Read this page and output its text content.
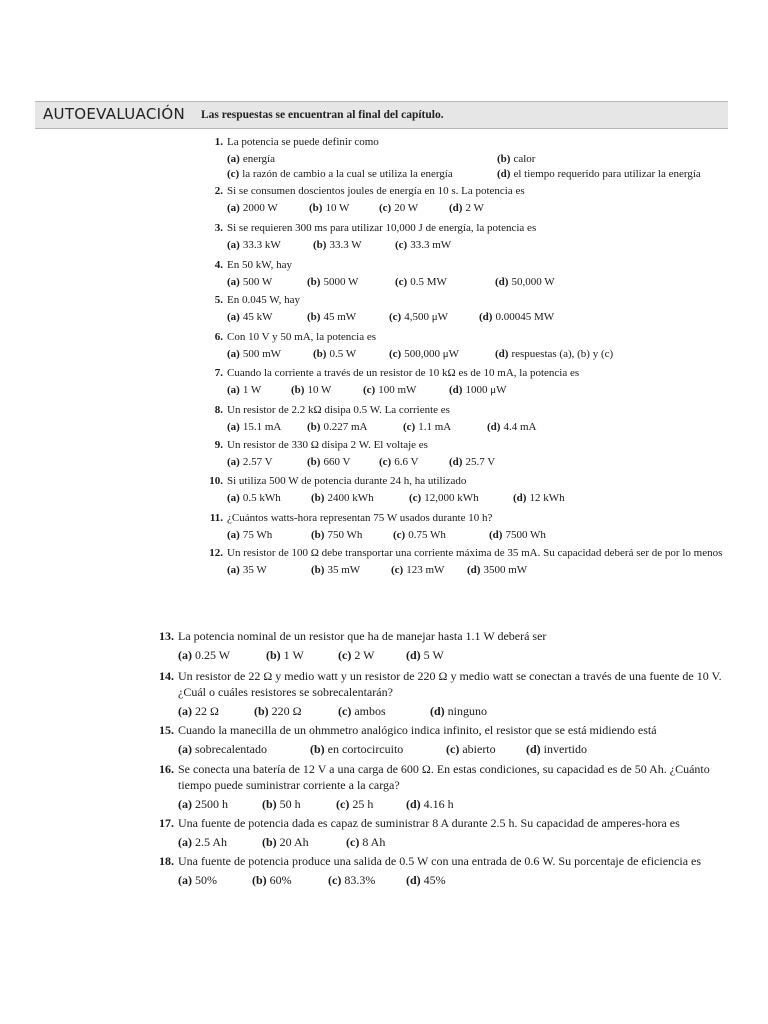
AUTOEVALUACIÓN Las respuestas se encuentran al final del capítulo.
1. La potencia se puede definir como
(a) energía	(b) calor
(c) la razón de cambio a la cual se utiliza la energía	(d) el tiempo requerido para utilizar la energía
2. Si se consumen doscientos joules de energía en 10 s. La potencia es
(a) 2000 W	(b) 10 W	(c) 20 W	(d) 2 W
3. Si se requieren 300 ms para utilizar 10,000 J de energía, la potencia es
(a) 33.3 kW	(b) 33.3 W	(c) 33.3 mW
4. En 50 kW, hay
(a) 500 W	(b) 5000 W	(c) 0.5 MW	(d) 50,000 W
5. En 0.045 W, hay
(a) 45 kW	(b) 45 mW	(c) 4,500 μW	(d) 0.00045 MW
6. Con 10 V y 50 mA, la potencia es
(a) 500 mW	(b) 0.5 W	(c) 500,000 μW	(d) respuestas (a), (b) y (c)
7. Cuando la corriente a través de un resistor de 10 kΩ es de 10 mA, la potencia es
(a) 1 W	(b) 10 W	(c) 100 mW	(d) 1000 μW
8. Un resistor de 2.2 kΩ disipa 0.5 W. La corriente es
(a) 15.1 mA (b) 0.227 mA	(c) 1.1 mA	(d) 4.4 mA
9. Un resistor de 330 Ω disipa 2 W. El voltaje es
(a) 2.57 V	(b) 660 V	(c) 6.6 V	(d) 25.7 V
10. Si utiliza 500 W de potencia durante 24 h, ha utilizado
(a) 0.5 kWh	(b) 2400 kWh	(c) 12,000 kWh	(d) 12 kWh
11. ¿Cuántos watts-hora representan 75 W usados durante 10 h?
(a) 75 Wh	(b) 750 Wh	(c) 0.75 Wh	(d) 7500 Wh
12. Un resistor de 100 Ω debe transportar una corriente máxima de 35 mA. Su capacidad deberá ser de por lo menos
(a) 35 W	(b) 35 mW	(c) 123 mW (d) 3500 mW
13. La potencia nominal de un resistor que ha de manejar hasta 1.1 W deberá ser
(a) 0.25 W	(b) 1 W	(c) 2 W	(d) 5 W
14. Un resistor de 22 Ω y medio watt y un resistor de 220 Ω y medio watt se conectan a través de una fuente de 10 V. ¿Cuál o cuáles resistores se sobrecalentarán?
(a) 22 Ω	(b) 220 Ω	(c) ambos	(d) ninguno
15. Cuando la manecilla de un ohmmetro analógico indica infinito, el resistor que se está midiendo está
(a) sobrecalentado	(b) en cortocircuito	(c) abierto	(d) invertido
16. Se conecta una batería de 12 V a una carga de 600 Ω. En estas condiciones, su capacidad es de 50 Ah. ¿Cuánto tiempo puede suministrar corriente a la carga?
(a) 2500 h	(b) 50 h	(c) 25 h	(d) 4.16 h
17. Una fuente de potencia dada es capaz de suministrar 8 A durante 2.5 h. Su capacidad de amperes-hora es
(a) 2.5 Ah	(b) 20 Ah	(c) 8 Ah
18. Una fuente de potencia produce una salida de 0.5 W con una entrada de 0.6 W. Su porcentaje de eficiencia es
(a) 50%	(b) 60%	(c) 83.3%	(d) 45%
